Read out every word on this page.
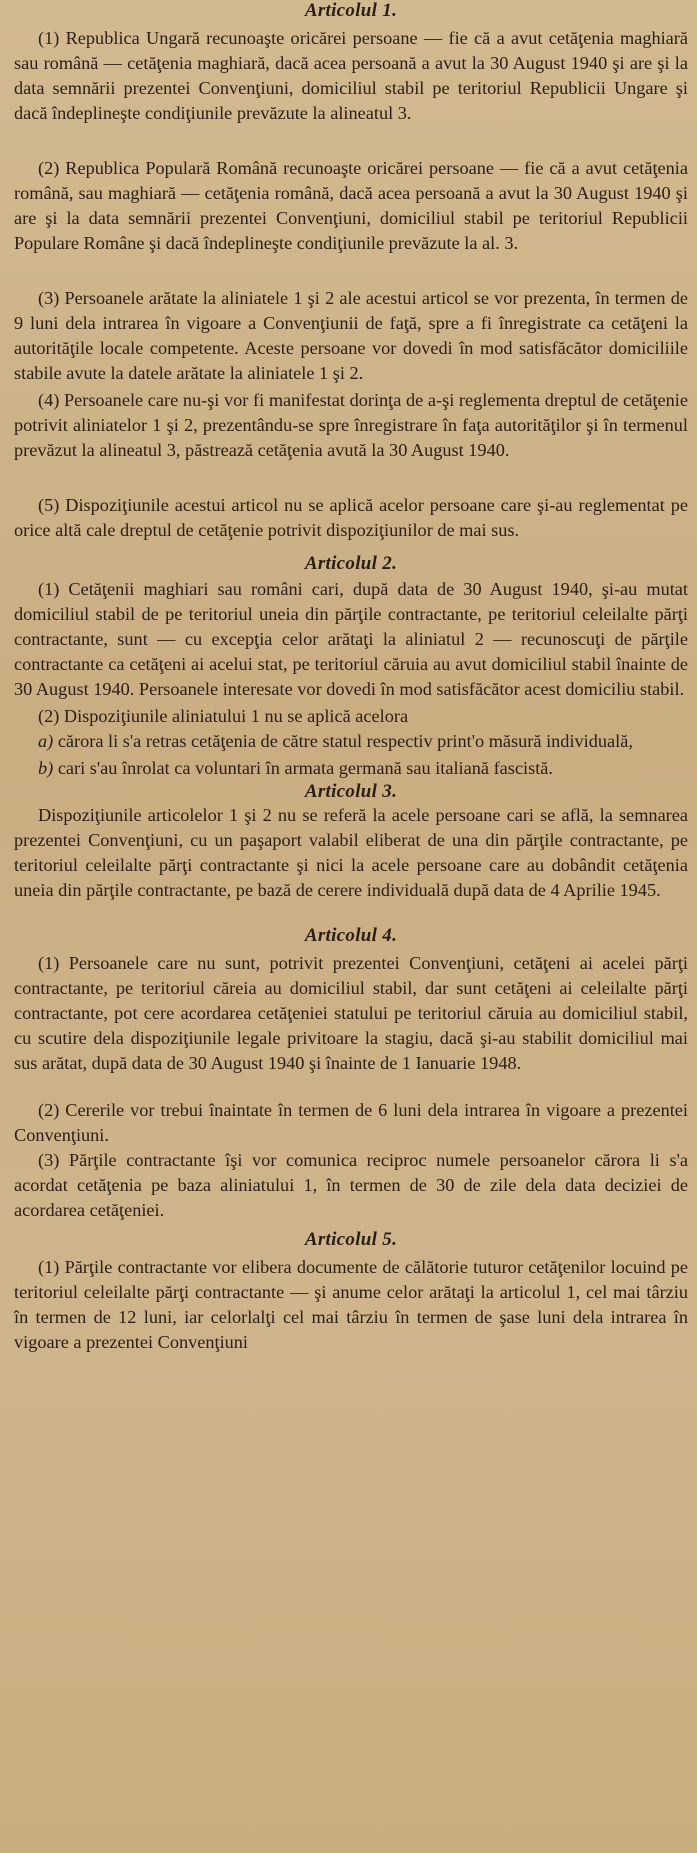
Articolul 1.

(1) Republica Ungară recunoaşte oricărei persoane — fie că a avut cetăţenia maghiară sau română — cetăţenia maghiară, dacă acea persoană a avut la 30 August 1940 şi are şi la data semnării prezentei Convenţiuni, domiciliul stabil pe teritoriul Republicii Ungare şi dacă îndeplineşte condiţiunile prevăzute la alineatul 3.

(2) Republica Populară Română recunoaşte oricărei persoane — fie că a avut cetăţenia română, sau maghiară — cetăţenia română, dacă acea persoană a avut la 30 August 1940 şi are şi la data semnării prezentei Convenţiuni, domiciliul stabil pe teritoriul Republicii Populare Române şi dacă îndeplineşte condiţiunile prevăzute la al. 3.

(3) Persoanele arătate la aliniatele 1 şi 2 ale acestui articol se vor prezenta, în termen de 9 luni dela intrarea în vigoare a Convenţiunii de faţă, spre a fi înregistrate ca cetăţeni la autorităţile locale competente. Aceste persoane vor dovedi în mod satisfăcător domiciliile stabile avute la datele arătate la aliniatele 1 şi 2.

(4) Persoanele care nu-şi vor fi manifestat dorinţa de a-şi reglementa dreptul de cetăţenie potrivit aliniatelor 1 şi 2, prezentându-se spre înregistrare în faţa autorităţilor şi în termenul prevăzut la alineatul 3, păstrează cetăţenia avută la 30 August 1940.

(5) Dispoziţiunile acestui articol nu se aplică acelor persoane care şi-au reglementat pe orice altă cale dreptul de cetăţenie potrivit dispoziţiunilor de mai sus.

Articolul 2.

(1) Cetăţenii maghiari sau români cari, după data de 30 August 1940, şi-au mutat domiciliul stabil de pe teritoriul uneia din părţile contractante, pe teritoriul celeilalte părţi contractante, sunt — cu excepţia celor arătaţi la aliniatul 2 — recunoscuţi de părţile contractante ca cetăţeni ai acelui stat, pe teritoriul căruia au avut domiciliul stabil înainte de 30 August 1940. Persoanele interesate vor dovedi în mod satisfăcător acest domiciliu stabil.

(2) Dispoziţiunile aliniatului 1 nu se aplică acelora

a) cărora li s'a retras cetăţenia de către statul respectiv print'o măsură individuală,

b) cari s'au înrolat ca voluntari în armata germană sau italiană fascistă.

Articolul 3.

Dispoziţiunile articolelor 1 şi 2 nu se referă la acele persoane cari se află, la semnarea prezentei Convenţiuni, cu un paşaport valabil eliberat de una din părţile contractante, pe teritoriul celeilalte părţi contractante şi nici la acele persoane care au dobândit cetăţenia uneia din părţile contractante, pe bază de cerere individuală după data de 4 Aprilie 1945.

Articolul 4.

(1) Persoanele care nu sunt, potrivit prezentei Convenţiuni, cetăţeni ai acelei părţi contractante, pe teritoriul căreia au domiciliul stabil, dar sunt cetăţeni ai celeilalte părţi contractante, pot cere acordarea cetăţeniei statului pe teritoriul căruia au domiciliul stabil, cu scutire dela dispoziţiunile legale privitoare la stagiu, dacă şi-au stabilit domiciliul mai sus arătat, după data de 30 August 1940 şi înainte de 1 Ianuarie 1948.

(2) Cererile vor trebui înaintate în termen de 6 luni dela intrarea în vigoare a prezentei Convenţiuni.

(3) Părţile contractante îşi vor comunica reciproc numele persoanelor cărora li s'a acordat cetăţenia pe baza aliniatului 1, în termen de 30 de zile dela data deciziei de acordarea cetăţeniei.

Articolul 5.

(1) Părţile contractante vor elibera documente de călătorie tuturor cetăţenilor locuind pe teritoriul celeilalte părţi contractante — şi anume celor arătaţi la articolul 1, cel mai târziu în termen de 12 luni, iar celorlalţi cel mai târziu în termen de şase luni dela intrarea în vigoare a prezentei Convenţiuni
